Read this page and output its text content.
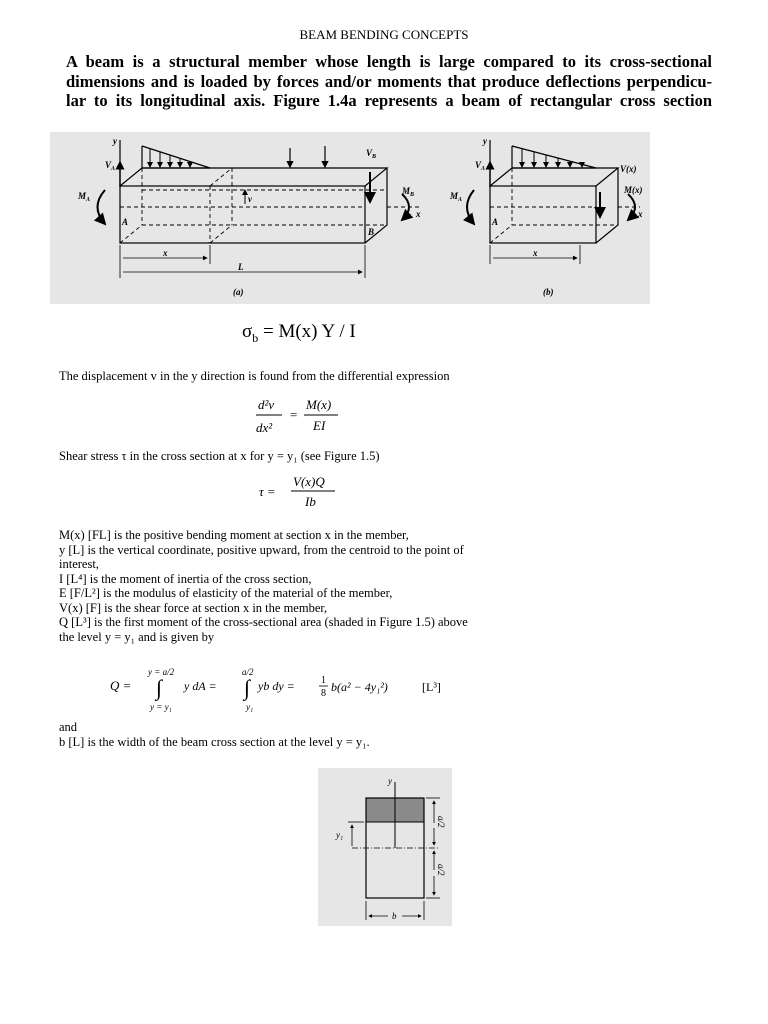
BEAM BENDING CONCEPTS
A beam is a structural member whose length is large compared to its cross-sectional
dimensions and is loaded by forces and/or moments that produce deflections perpendicu-
lar to its longitudinal axis. Figure 1.4a represents a beam of rectangular cross section
y
$V_A$
$V_B$
$M_A$
$M_B$
x
A
B
v
x
L
(a)
y
$V_A$
$M_A$
V(x)
M(x)
A
x
x
(b)
$\sigma_b = M(x)$ Y / I
The displacement v in the y direction is found from the differential expression
d²v
dx²
=
M(x)
EI
Shear stress τ in the cross section at x for y = y₁ (see Figure 1.5)
τ =
V(x)Q
Ib
M(x) [FL] is the positive bending moment at section x in the member,
y [L] is the vertical coordinate, positive upward, from the centroid to the point of
interest,
I [L⁴] is the moment of inertia of the cross section,
E [F/L²] is the modulus of elasticity of the material of the member,
V(x) [F] is the shear force at section x in the member,
Q [L³] is the first moment of the cross-sectional area (shaded in Figure 1.5) above
the level y = y₁ and is given by
Q =
y = a/2
∫
y = y₁
y dA =
a/2
∫
y₁
yb dy =	1
8 b(a² − 4y₁²)	[L³]
and
b [L] is the width of the beam cross section at the level y = y₁.
y
y₁
a/2
a/2
b
